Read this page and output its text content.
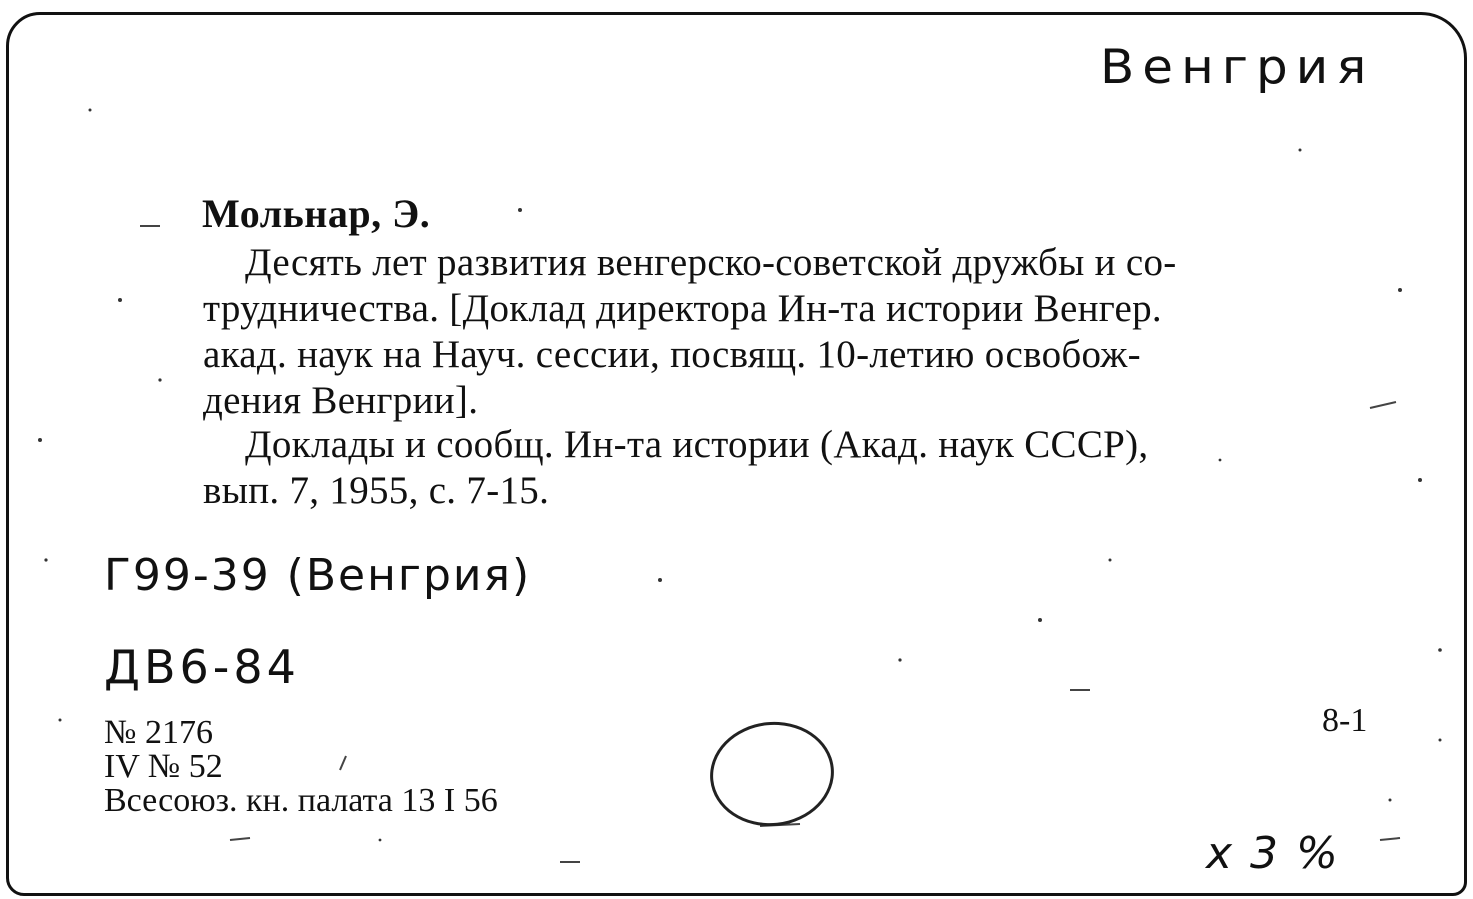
Венгрия
Мольнар, Э.
Десять лет развития венгерско-советской дружбы и со-
трудничества. [Доклад директора Ин-та истории Венгер.
акад. наук на Науч. сессии, посвящ. 10-летию освобож-
дения Венгрии].
Доклады и сообщ. Ин-та истории (Акад. наук СССР),
вып. 7, 1955, с. 7-15.
Г99-39 (Венгрия)
ДВ6-84
№ 2176
IV № 52
Всесоюз. кн. палата 13 I 56
8-1
х 3 %
